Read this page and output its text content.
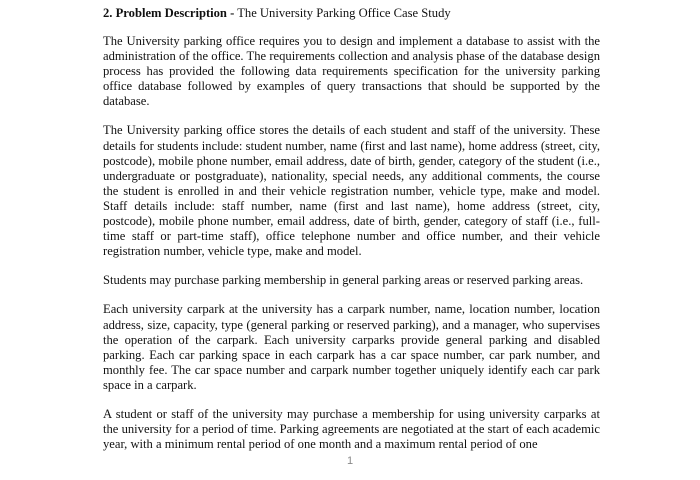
2. Problem Description - The University Parking Office Case Study

The University parking office requires you to design and implement a database to assist with the administration of the office. The requirements collection and analysis phase of the database design process has provided the following data requirements specification for the university parking office database followed by examples of query transactions that should be supported by the database.

The University parking office stores the details of each student and staff of the university. These details for students include: student number, name (first and last name), home address (street, city, postcode), mobile phone number, email address, date of birth, gender, category of the student (i.e., undergraduate or postgraduate), nationality, special needs, any additional comments, the course the student is enrolled in and their vehicle registration number, vehicle type, make and model. Staff details include: staff number, name (first and last name), home address (street, city, postcode), mobile phone number, email address, date of birth, gender, category of staff (i.e., full-time staff or part-time staff), office telephone number and office number, and their vehicle registration number, vehicle type, make and model.

Students may purchase parking membership in general parking areas or reserved parking areas.

Each university carpark at the university has a carpark number, name, location number, location address, size, capacity, type (general parking or reserved parking), and a manager, who supervises the operation of the carpark. Each university carparks provide general parking and disabled parking. Each car parking space in each carpark has a car space number, car park number, and monthly fee. The car space number and carpark number together uniquely identify each car park space in a carpark.

A student or staff of the university may purchase a membership for using university carparks at the university for a period of time. Parking agreements are negotiated at the start of each academic year, with a minimum rental period of one month and a maximum rental period of one

1
